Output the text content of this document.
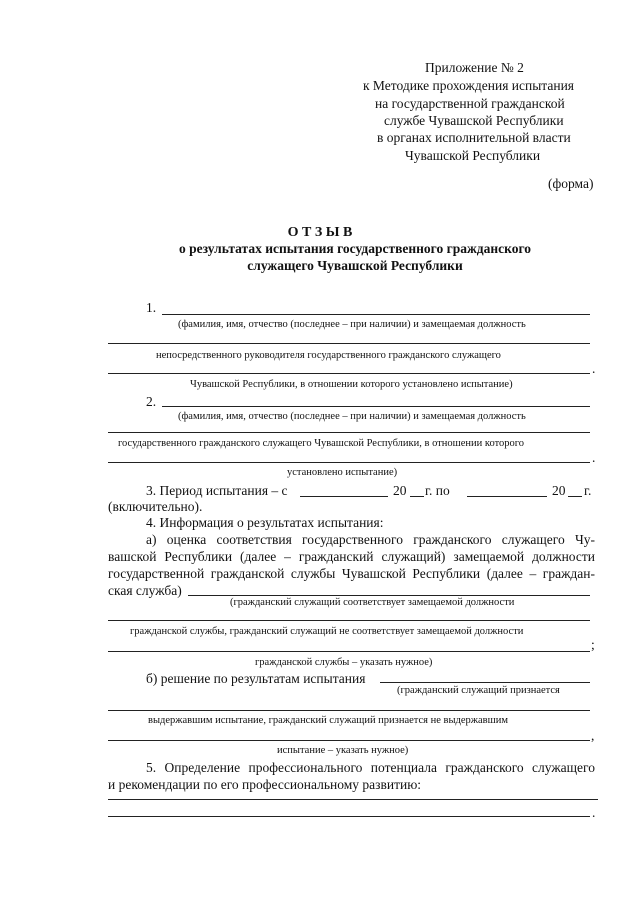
Приложение № 2
к Методике прохождения испытания
на государственной гражданской
службе Чувашской Республики
в органах исполнительной власти
Чувашской Республики
(форма)
О Т З Ы В
о результатах испытания государственного гражданского
служащего Чувашской Республики
1.
(фамилия, имя, отчество (последнее – при наличии) и замещаемая должность
непосредственного руководителя государственного гражданского служащего
.
Чувашской Республики, в отношении которого установлено испытание)
2.
(фамилия, имя, отчество (последнее – при наличии) и замещаемая должность
государственного гражданского служащего Чувашской Республики, в отношении которого
.
установлено испытание)
3. Период испытания – с	20 г. по	20 г.
(включительно).
4. Информация о результатах испытания:
а) оценка соответствия государственного гражданского служащего Чу-
вашской Республики (далее – гражданский служащий) замещаемой должности
государственной гражданской службы Чувашской Республики (далее – граждан-
ская служба)
(гражданский служащий соответствует замещаемой должности
гражданской службы, гражданский служащий не соответствует замещаемой должности
;
гражданской службы – указать нужное)
б) решение по результатам испытания
(гражданский служащий признается
выдержавшим испытание, гражданский служащий признается не выдержавшим
,
испытание – указать нужное)
5. Определение профессионального потенциала гражданского служащего
и рекомендации по его профессиональному развитию:
.
